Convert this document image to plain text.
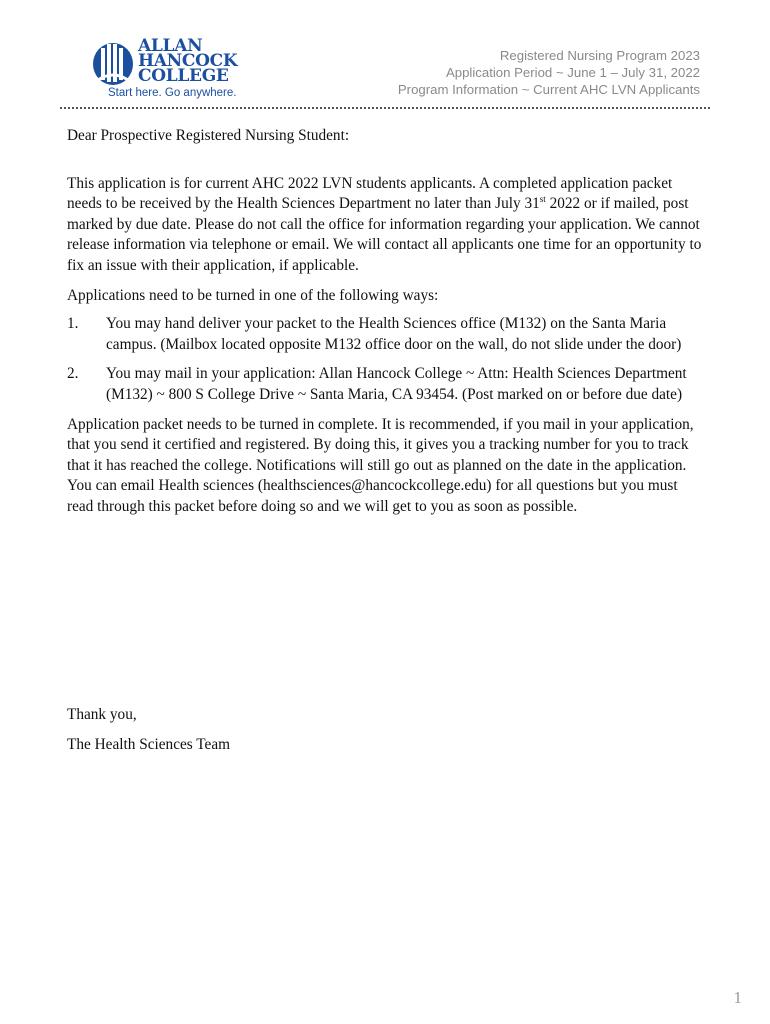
ALLAN
HANCOCK
COLLEGE
Start here. Go anywhere.
Registered Nursing Program 2023
Application Period ~ June 1 – July 31, 2022
Program Information ~ Current AHC LVN Applicants

Dear Prospective Registered Nursing Student:

This application is for current AHC 2022 LVN students applicants. A completed application packet needs to be received by the Health Sciences Department no later than July 31st 2022 or if mailed, post marked by due date. Please do not call the office for information regarding your application. We cannot release information via telephone or email. We will contact all applicants one time for an opportunity to fix an issue with their application, if applicable.

Applications need to be turned in one of the following ways:

1.	You may hand deliver your packet to the Health Sciences office (M132) on the Santa Maria campus. (Mailbox located opposite M132 office door on the wall, do not slide under the door)
2.	You may mail in your application: Allan Hancock College ~ Attn: Health Sciences Department (M132) ~ 800 S College Drive ~ Santa Maria, CA 93454. (Post marked on or before due date)

Application packet needs to be turned in complete. It is recommended, if you mail in your application, that you send it certified and registered. By doing this, it gives you a tracking number for you to track that it has reached the college. Notifications will still go out as planned on the date in the application. You can email Health sciences (healthsciences@hancockcollege.edu) for all questions but you must read through this packet before doing so and we will get to you as soon as possible.

Thank you,

The Health Sciences Team

1
